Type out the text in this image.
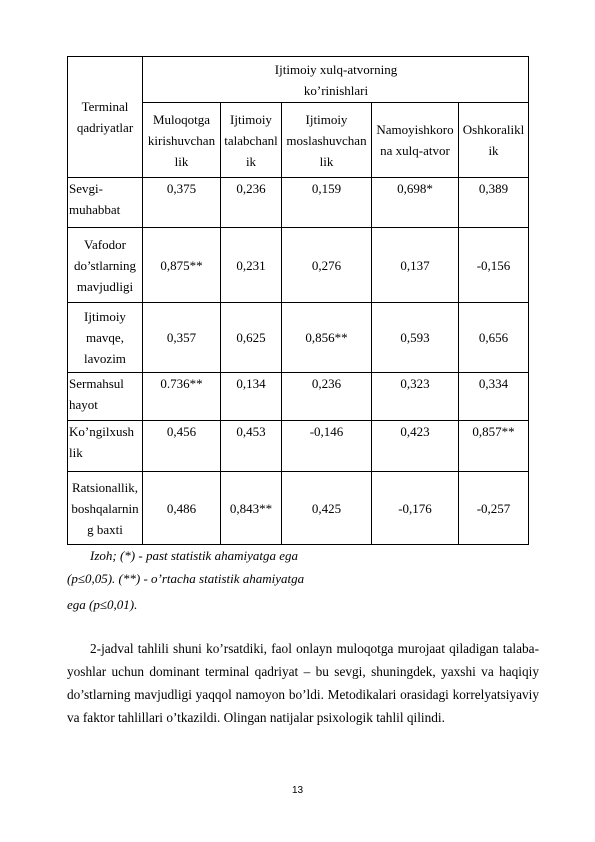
Terminal qadriyatlar	Ijtimoiy xulq-atvorning ko’rinishlari				

	Muloqotga kirishuvchan lik	Ijtimoiy talabchanl ik	Ijtimoiy moslashuvchan lik	Namoyishkoro na xulq-atvor	Oshkoralikl ik
Sevgi- muhabbat	0,375	0,236	0,159	0,698*	0,389
Vafodor do’stlarning mavjudligi	0,875**	0,231	0,276	0,137	-0,156
Ijtimoiy mavqe, lavozim	0,357	0,625	0,856**	0,593	0,656
Sermahsul hayot	0.736**	0,134	0,236	0,323	0,334
Ko’ngilxush lik	0,456	0,453	-0,146	0,423	0,857**
Ratsionallik, boshqalarnin g baxti	0,486	0,843**	0,425	-0,176	-0,257
Izoh; (*) - past statistik ahamiyatga ega
(p≤0,05). (**) - o’rtacha statistik ahamiyatga
ega (p≤0,01).
2-jadval tahlili shuni ko’rsatdiki, faol onlayn muloqotga murojaat qiladigan talaba-yoshlar uchun dominant terminal qadriyat – bu sevgi, shuningdek, yaxshi va haqiqiy do’stlarning mavjudligi yaqqol namoyon bo’ldi. Metodikalari orasidagi korrelyatsiyaviy va faktor tahlillari o’tkazildi. Olingan natijalar psixologik tahlil qilindi.
13
